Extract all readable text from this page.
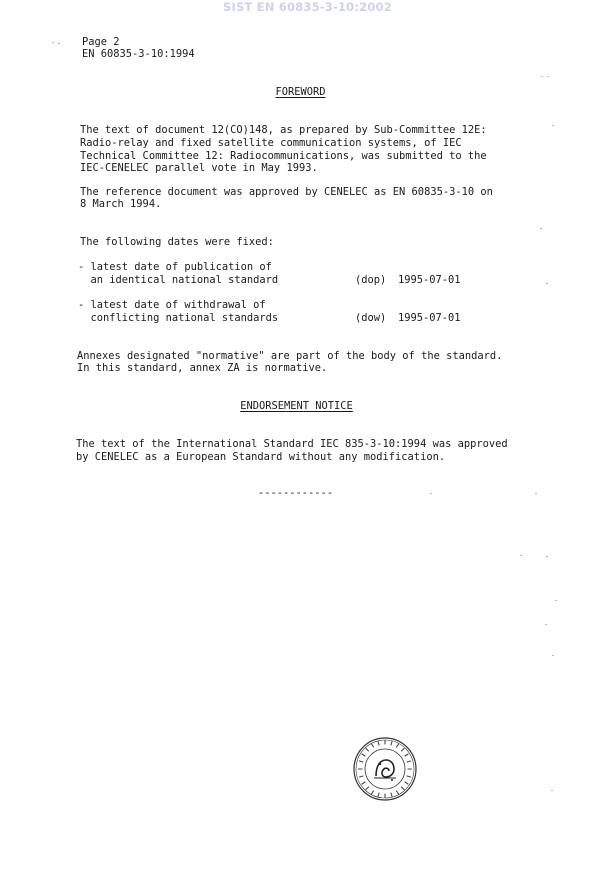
SIST EN 60835-3-10:2002
Page 2
EN 60835-3-10:1994
FOREWORD
The text of document 12(CO)148, as prepared by Sub-Committee 12E:
Radio-relay and fixed satellite communication systems, of IEC
Technical Committee 12: Radiocommunications, was submitted to the
IEC-CENELEC parallel vote in May 1993.
The reference document was approved by CENELEC as EN 60835-3-10 on
8 March 1994.
The following dates were fixed:
- latest date of publication of
an identical national standard	(dop) 1995-07-01
- latest date of withdrawal of
conflicting national standards	(dow) 1995-07-01
Annexes designated "normative" are part of the body of the standard.
In this standard, annex ZA is normative.
ENDORSEMENT NOTICE
The text of the International Standard IEC 835-3-10:1994 was approved
by CENELEC as a European Standard without any modification.
------------
